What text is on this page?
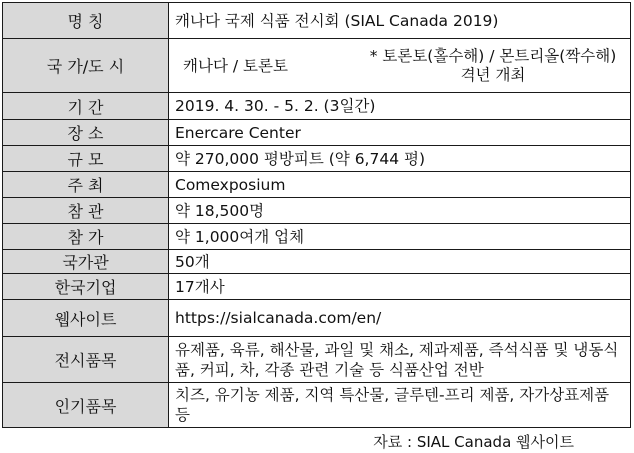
명 칭	캐나다 국제 식품 전시회 (SIAL Canada 2019)
국 가/도 시	캐나다 / 토론토
* 토론토(홀수해) / 몬트리올(짝수해) 격년 개최

기 간	2019. 4. 30. - 5. 2. (3일간)
장 소	Enercare Center
규 모	약 270,000 평방피트 (약 6,744 평)
주 최	Comexposium
참 관	약 18,500명
참 가	약 1,000여개 업체
국가관	50개
한국기업	17개사
웹사이트	https://sialcanada.com/en/
전시품목	유제품, 육류, 해산물, 과일 및 채소, 제과제품, 즉석식품 및 냉동식품, 커피, 차, 각종 관련 기술 등 식품산업 전반
인기품목	치즈, 유기농 제품, 지역 특산물, 글루텐-프리 제품, 자가상표제품 등
자료 : SIAL Canada 웹사이트
